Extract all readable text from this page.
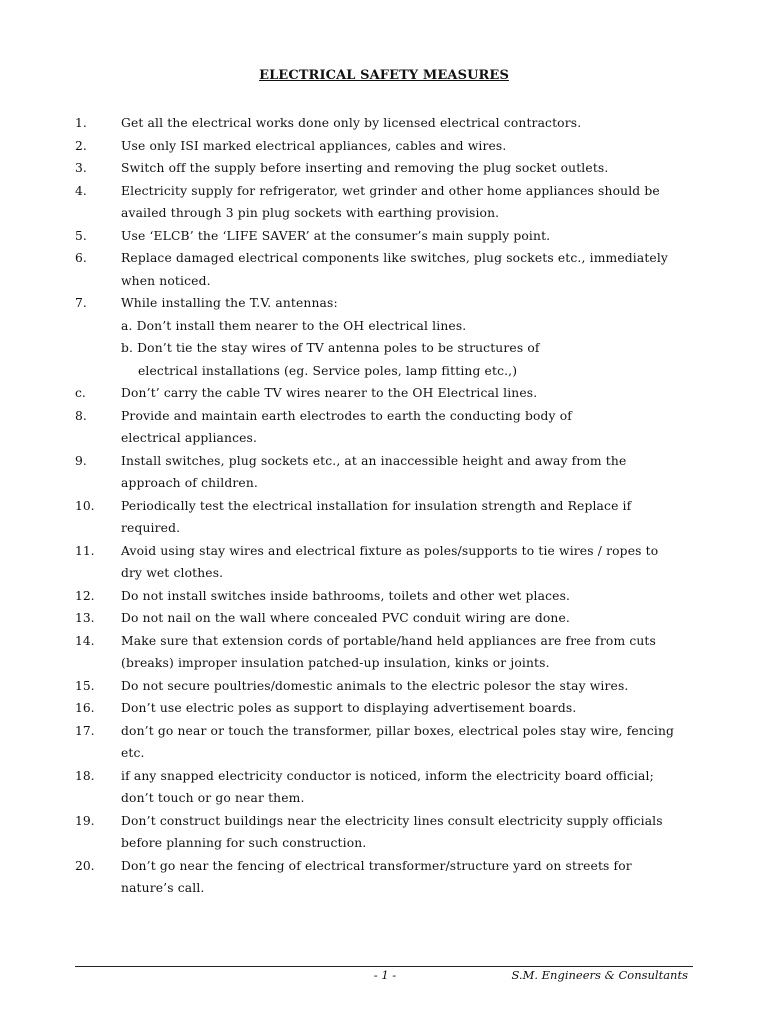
ELECTRICAL SAFETY MEASURES
1.	Get all the electrical works done only by licensed electrical contractors.
2.	Use only ISI marked electrical appliances, cables and wires.
3.	Switch off the supply before inserting and removing the plug socket outlets.
4.	Electricity supply for refrigerator, wet grinder and other home appliances should be
availed through 3 pin plug sockets with earthing provision.
5.	Use ‘ELCB’ the ‘LIFE SAVER’ at the consumer’s main supply point.
6.	Replace damaged electrical components like switches, plug sockets etc., immediately
when noticed.
7.	While installing the T.V. antennas:
a. Don’t install them nearer to the OH electrical lines.
b. Don’t tie the stay wires of TV antenna poles to be structures of
electrical installations (eg. Service poles, lamp fitting etc.,)
c.	Don’t’ carry the cable TV wires nearer to the OH Electrical lines.
8.	Provide and maintain earth electrodes to earth the conducting body of
electrical appliances.
9.	Install switches, plug sockets etc., at an inaccessible height and away from the
approach of children.
10. Periodically test the electrical installation for insulation strength and Replace if
required.
11. Avoid using stay wires and electrical fixture as poles/supports to tie wires / ropes to
dry wet clothes.
12. Do not install switches inside bathrooms, toilets and other wet places.
13. Do not nail on the wall where concealed PVC conduit wiring are done.
14. Make sure that extension cords of portable/hand held appliances are free from cuts
(breaks) improper insulation patched-up insulation, kinks or joints.
15. Do not secure poultries/domestic animals to the electric polesor the stay wires.
16. Don’t use electric poles as support to displaying advertisement boards.
17. don’t go near or touch the transformer, pillar boxes, electrical poles stay wire, fencing
etc.
18. if any snapped electricity conductor is noticed, inform the electricity board official;
don’t touch or go near them.
19. Don’t construct buildings near the electricity lines consult electricity supply officials
before planning for such construction.
20. Don’t go near the fencing of electrical transformer/structure yard on streets for
nature’s call.
- 1 -	S.M. Engineers & Consultants
